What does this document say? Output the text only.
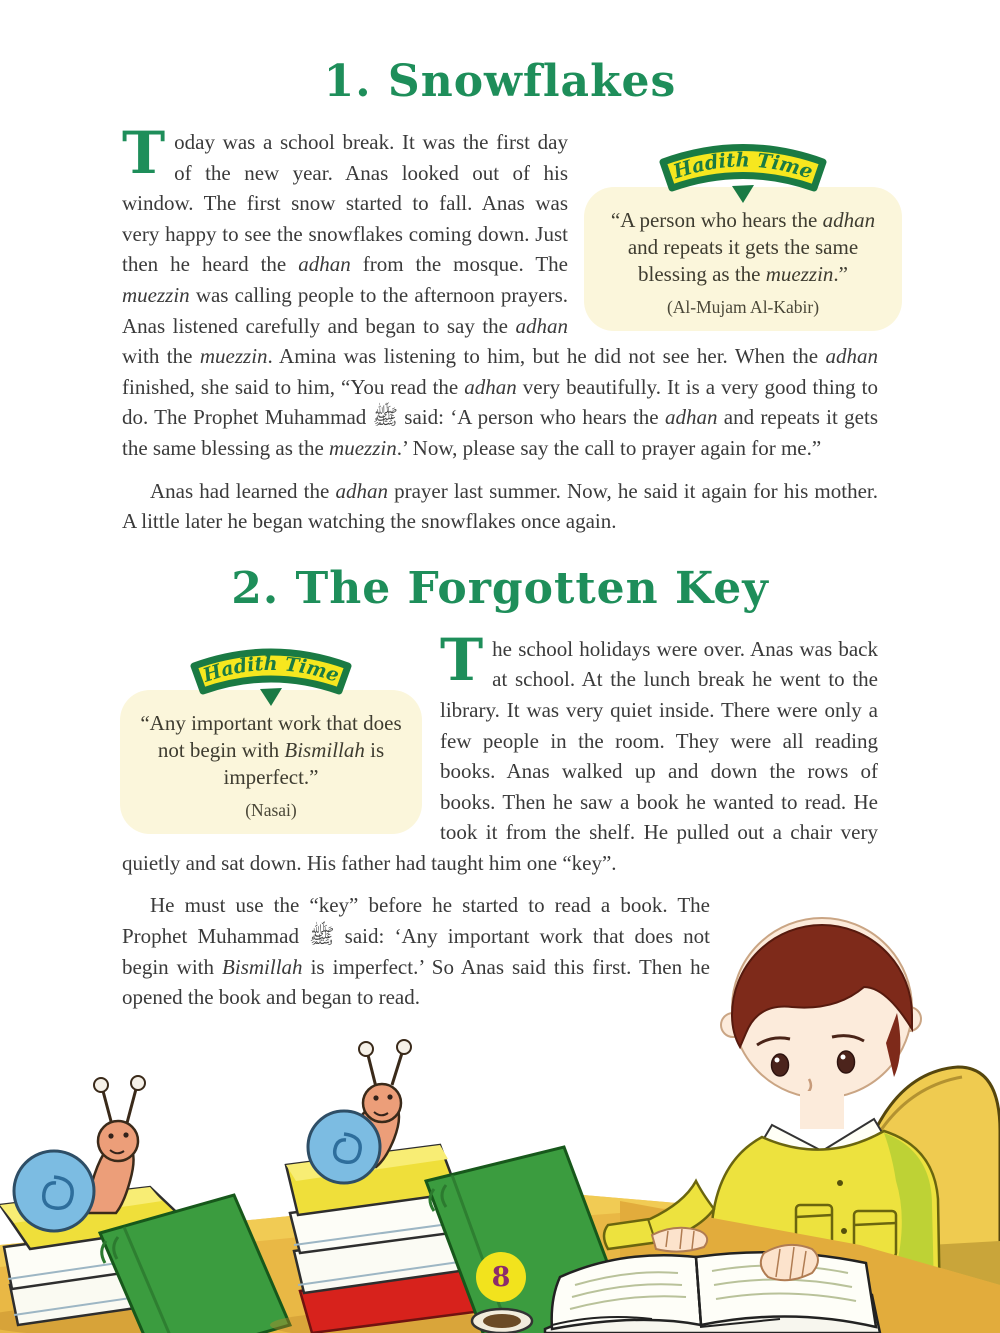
1. Snowflakes
Hadith Time

“A person who hears the adhan and repeats it gets the same blessing as the muezzin.”

(Al-Mujam Al-Kabir)

Today was a school break. It was the first day of the new year. Anas looked out of his window. The first snow started to fall. Anas was very happy to see the snowflakes coming down. Just then he heard the adhan from the mosque. The muezzin was calling people to the afternoon prayers. Anas listened carefully and began to say the adhan with the muezzin. Amina was listening to him, but he did not see her. When the adhan finished, she said to him, “You read the adhan very beautifully. It is a very good thing to do. The Prophet Muhammad ﷺ said: ‘A person who hears the adhan and repeats it gets the same blessing as the muezzin.’ Now, please say the call to prayer again for me.”

Anas had learned the adhan prayer last summer. Now, he said it again for his mother. A little later he began watching the snowflakes once again.

2. The Forgotten Key
Hadith Time

“Any important work that does not begin with Bismillah is imperfect.”

(Nasai)

The school holidays were over. Anas was back at school. At the lunch break he went to the library. It was very quiet inside. There were only a few people in the room. They were all reading books. Anas walked up and down the rows of books. Then he saw a book he wanted to read. He took it from the shelf. He pulled out a chair very quietly and sat down. His father had taught him one “key”.

He must use the “key” before he started to read a book. The Prophet Muhammad ﷺ said: ‘Any important work that does not begin with Bismillah is imperfect.’ So Anas said this first. Then he opened the book and began to read.

8
